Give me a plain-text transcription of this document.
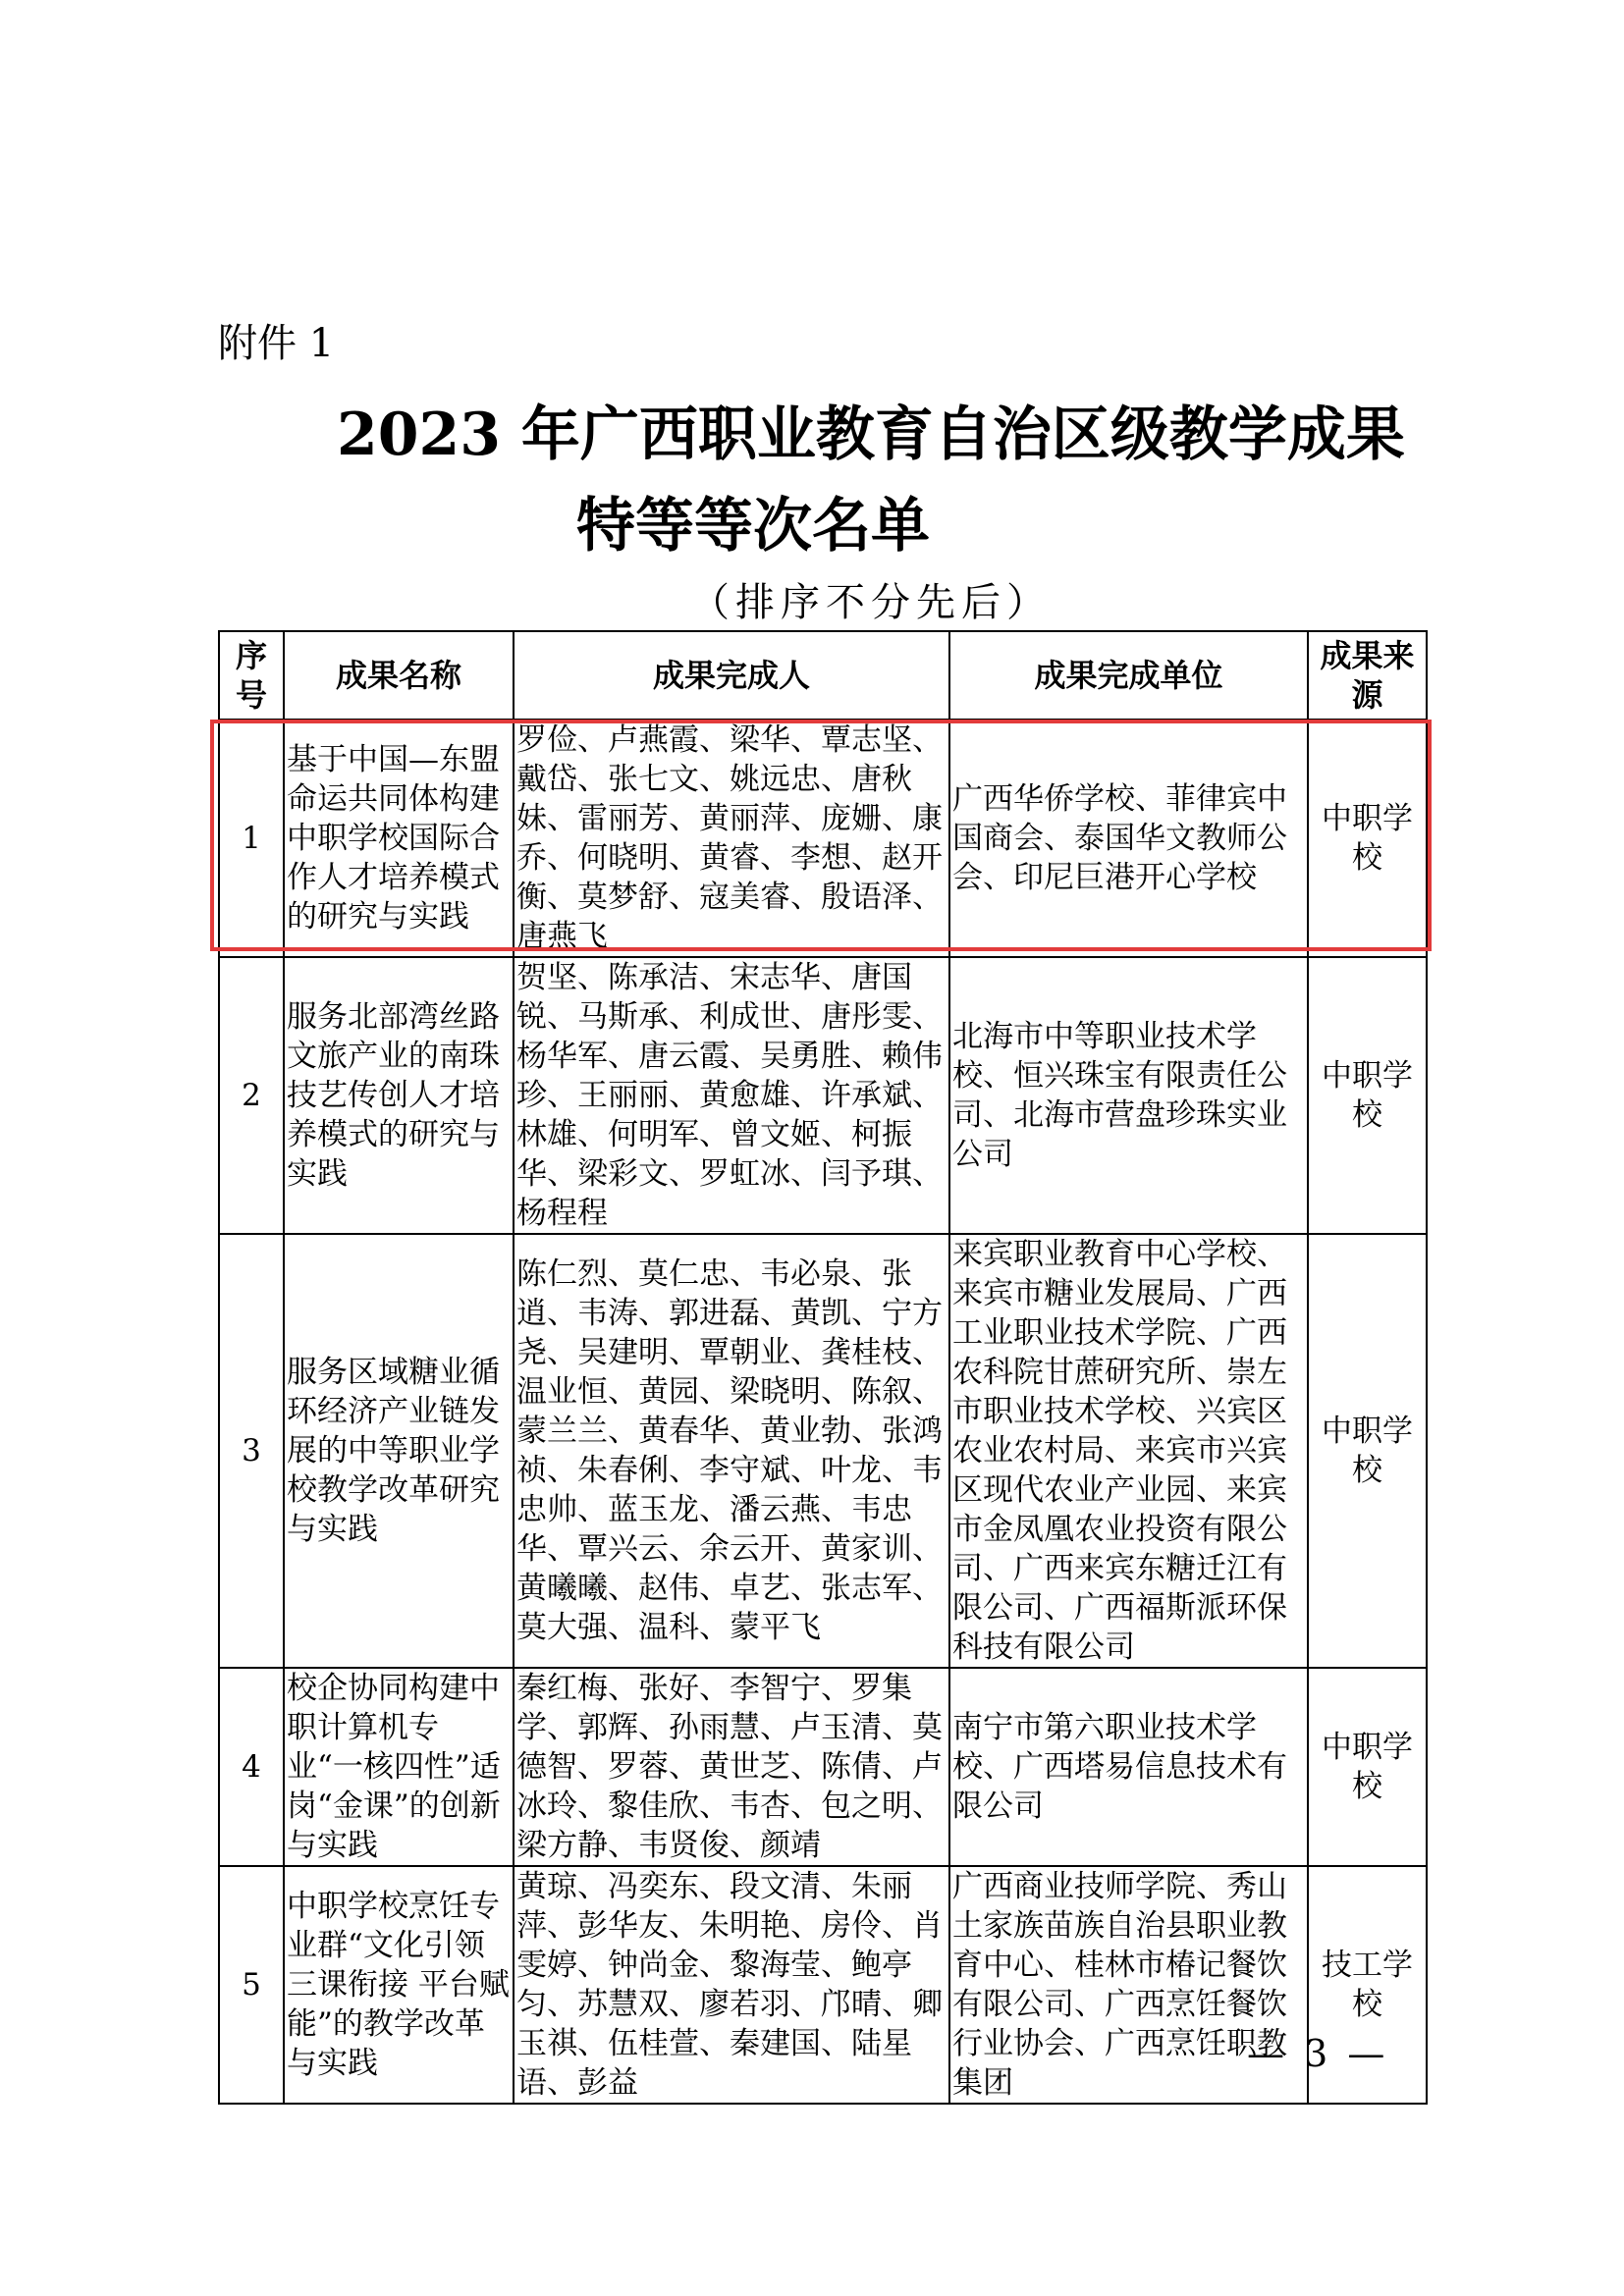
附件 1
2023 年广西职业教育自治区级教学成果
特等等次名单
（排序不分先后）
序号	成果名称	成果完成人	成果完成单位	成果来源
1	基于中国—东盟命运共同体构建中职学校国际合作人才培养模式的研究与实践	罗俭、卢燕霞、梁华、覃志坚、戴岱、张七文、姚远忠、唐秋妹、雷丽芳、黄丽萍、庞姗、康乔、何晓明、黄睿、李想、赵开衡、莫梦舒、寇美睿、殷语泽、唐燕飞	广西华侨学校、菲律宾中国商会、泰国华文教师公会、印尼巨港开心学校	中职学校
2	服务北部湾丝路文旅产业的南珠技艺传创人才培养模式的研究与实践	贺坚、陈承洁、宋志华、唐国锐、马斯承、利成世、唐彤雯、杨华军、唐云霞、吴勇胜、赖伟珍、王丽丽、黄愈雄、许承斌、林雄、何明军、曾文姬、柯振华、梁彩文、罗虹冰、闫予琪、杨程程	北海市中等职业技术学校、恒兴珠宝有限责任公司、北海市营盘珍珠实业公司	中职学校
3	服务区域糖业循环经济产业链发展的中等职业学校教学改革研究与实践	陈仁烈、莫仁忠、韦必泉、张逍、韦涛、郭进磊、黄凯、宁方尧、吴建明、覃朝业、龚桂枝、温业恒、黄园、梁晓明、陈叙、蒙兰兰、黄春华、黄业勃、张鸿祯、朱春俐、李守斌、叶龙、韦忠帅、蓝玉龙、潘云燕、韦忠华、覃兴云、余云开、黄家训、黄曦曦、赵伟、卓艺、张志军、莫大强、温科、蒙平飞	来宾职业教育中心学校、来宾市糖业发展局、广西工业职业技术学院、广西农科院甘蔗研究所、崇左市职业技术学校、兴宾区农业农村局、来宾市兴宾区现代农业产业园、来宾市金凤凰农业投资有限公司、广西来宾东糖迁江有限公司、广西福斯派环保科技有限公司	中职学校
4	校企协同构建中职计算机专业“一核四性”适岗“金课”的创新与实践	秦红梅、张好、李智宁、罗集学、郭辉、孙雨慧、卢玉清、莫德智、罗蓉、黄世芝、陈倩、卢冰玲、黎佳欣、韦杏、包之明、梁方静、韦贤俊、颜靖	南宁市第六职业技术学校、广西塔易信息技术有限公司	中职学校
5	中职学校烹饪专业群“文化引领 三课衔接 平台赋能”的教学改革与实践	黄琼、冯奕东、段文清、朱丽萍、彭华友、朱明艳、房伶、肖雯婷、钟尚金、黎海莹、鲍亭匀、苏慧双、廖若羽、邝晴、卿玉祺、伍桂萱、秦建国、陆星语、彭益	广西商业技师学院、秀山土家族苗族自治县职业教育中心、桂林市椿记餐饮有限公司、广西烹饪餐饮行业协会、广西烹饪职教集团	技工学校
— 3 —
